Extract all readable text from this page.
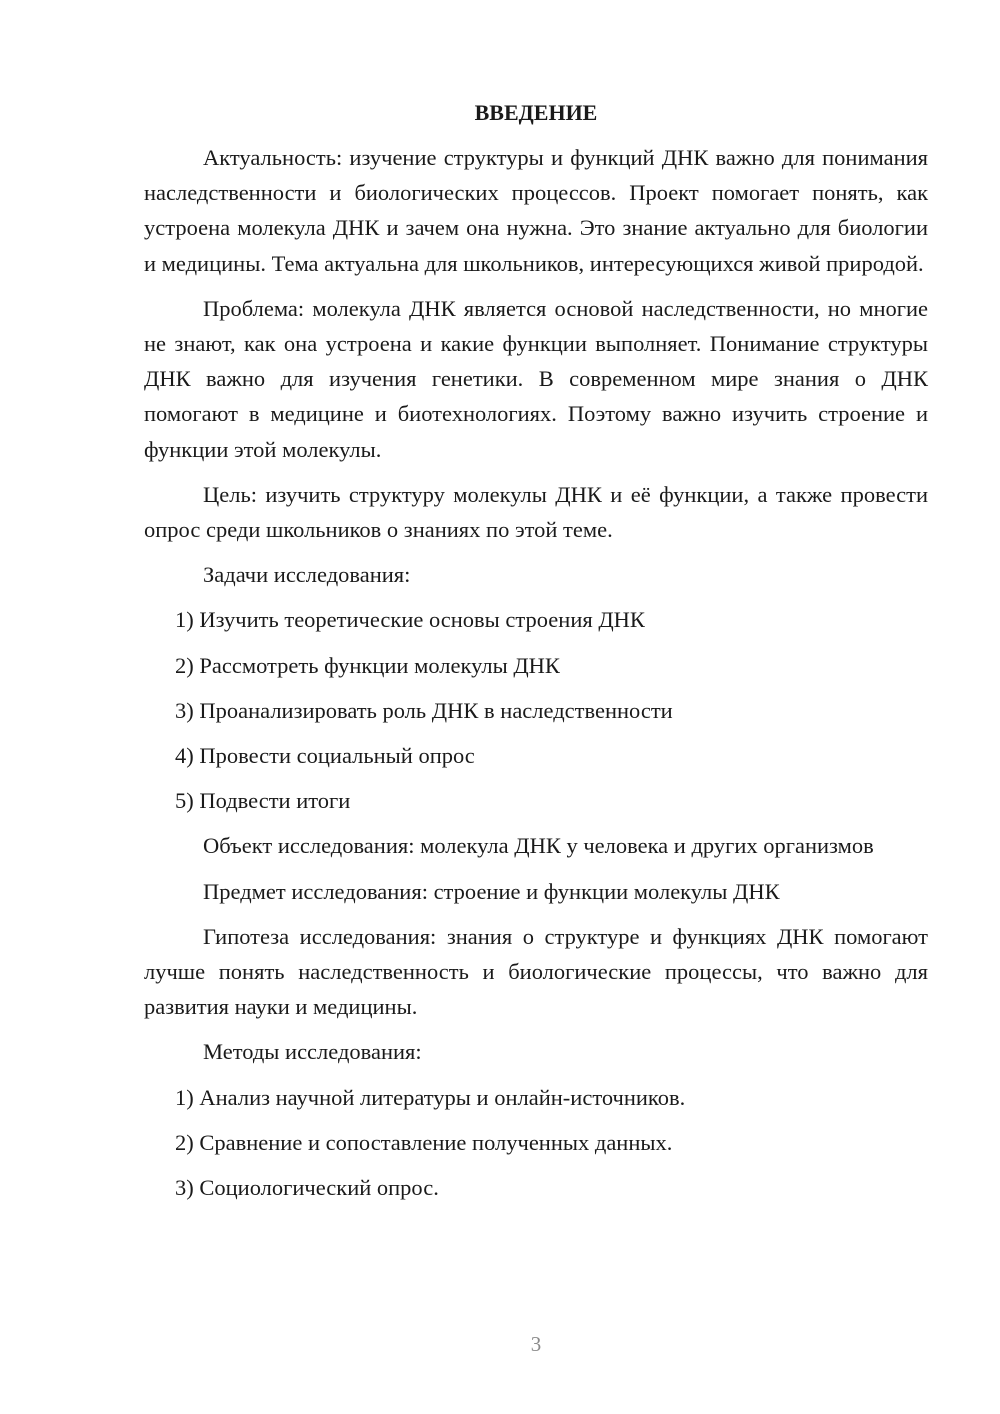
ВВЕДЕНИЕ

Актуальность: изучение структуры и функций ДНК важно для понимания наследственности и биологических процессов. Проект помогает понять, как устроена молекула ДНК и зачем она нужна. Это знание актуально для биологии и медицины. Тема актуальна для школьников, интересующихся живой природой.

Проблема: молекула ДНК является основой наследственности, но многие не знают, как она устроена и какие функции выполняет. Понимание структуры ДНК важно для изучения генетики. В современном мире знания о ДНК помогают в медицине и биотехнологиях. Поэтому важно изучить строение и функции этой молекулы.

Цель: изучить структуру молекулы ДНК и её функции, а также провести опрос среди школьников о знаниях по этой теме.

Задачи исследования:

1) Изучить теоретические основы строения ДНК
2) Рассмотреть функции молекулы ДНК
3) Проанализировать роль ДНК в наследственности
4) Провести социальный опрос
5) Подвести итоги

Объект исследования: молекула ДНК у человека и других организмов

Предмет исследования: строение и функции молекулы ДНК

Гипотеза исследования: знания о структуре и функциях ДНК помогают лучше понять наследственность и биологические процессы, что важно для развития науки и медицины.

Методы исследования:

1) Анализ научной литературы и онлайн-источников.
2) Сравнение и сопоставление полученных данных.
3) Социологический опрос.
3
